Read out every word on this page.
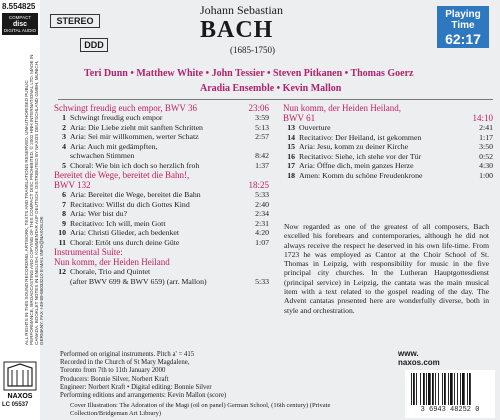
8.554825
COMPACT
disc
DIGITAL AUDIO
ALL RIGHTS IN THIS SOUND RECORDING, ARTWORK, TEXTS AND TRANSLATIONS RESERVED. UNAUTHORISED PUBLIC PERFORMANCE, BROADCASTING AND COPYING OF THIS COMPACT DISC PROHIBITED. © 2002 HNH INTERNATIONAL LTD. MADE IN CANADA. BOOKLET NOTES IN ENGLISH. KOMMENTAR AUF DEUTSCH. DISTRIBUTED BY NAXOS DEUTSCHLAND GMBH, MUNICH, GERMANY. FAX +49-89-66033210 E-MAIL INFO@NAXOS.DE
NAXOS
LC 05537
STEREO
DDD
Johann Sebastian
BACH
(1685-1750)
Playing
Time
62:17
Teri Dunn • Matthew White • John Tessier • Steven Pitkanen • Thomas Goerz
Aradia Ensemble • Kevin Mallon
Schwingt freudig euch empor, BWV 36	23:06
1 Schwingt freudig euch empor	3:59
2 Aria: Die Liebe zieht mit sanften Schritten	5:13
3 Aria: Sei mir willkommen, werter Schatz	2:57
4 Aria: Auch mit gedämpften,
schwachen Stimmen	8:42
5 Choral: Wie bin ich doch so herzlich froh	1:37
Bereitet die Wege, bereitet die Bahn!,
BWV 132	18:25
6 Aria: Bereitet die Wege, bereitet die Bahn	5:33
7 Recitativo: Willst du dich Gottes Kind	2:40
8 Aria: Wer bist du?	2:34
9 Recitativo: Ich will, mein Gott	2:31
10 Aria: Christi Glieder, ach bedenket	4:20
11 Choral: Ertöt uns durch deine Güte	1:07
Instrumental Suite:
Nun komm, der Heiden Heiland
12 Chorale, Trio and Quintet
(after BWV 699 & BWV 659) (arr. Mallon)	5:33
Nun komm, der Heiden Heiland,
BWV 61	14:10
13 Ouverture	2:41
14 Recitativo: Der Heiland, ist gekommen	1:17
15 Aria: Jesu, komm zu deiner Kirche	3:50
16 Recitativo: Siehe, ich stehe vor der Tür	0:52
17 Aria: Öffne dich, mein ganzes Herze	4:30
18 Amen: Komm du schöne Freudenkrone	1:00
Now regarded as one of the greatest of all composers, Bach excelled his forebears and contemporaries, although he did not always receive the respect he deserved in his own life-time. From 1723 he was employed as Cantor at the Choir School of St. Thomas in Leipzig, with responsibility for music in the five principal city churches. In the Lutheran Hauptgottesdienst (principal service) in Leipzig, the cantata was the main musical item with a text related to the gospel reading of the day. The Advent cantatas presented here are wonderfully diverse, both in style and orchestration.
www.
naxos.com
Performed on original instruments. Pitch a' = 415
Recorded in the Church of St Mary Magdalene,
Toronto from 7th to 11th January 2000
Producers: Bonnie Silver, Norbert Kraft
Engineer: Norbert Kraft • Digital editing: Bonnie Silver
Performing editions and arrangements: Kevin Mallon (score)
Cover Illustration: The Adoration of the Magi (oil on panel) German School, (16th century) (Private Collection/Bridgeman Art Library)	3 6943 48252 0
